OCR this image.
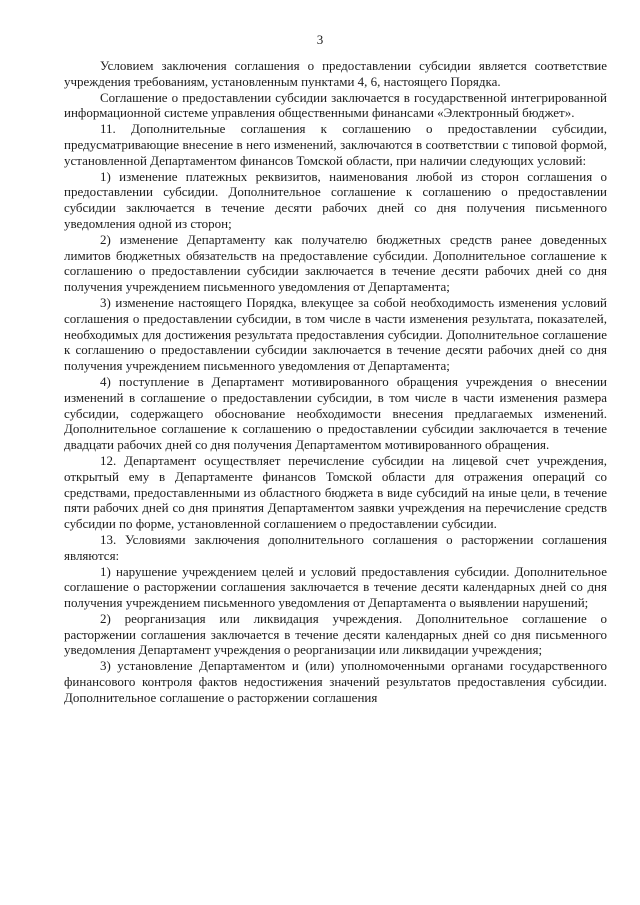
3

Условием заключения соглашения о предоставлении субсидии является соответствие учреждения требованиям, установленным пунктами 4, 6, настоящего Порядка.

Соглашение о предоставлении субсидии заключается в государственной интегрированной информационной системе управления общественными финансами «Электронный бюджет».

11. Дополнительные соглашения к соглашению о предоставлении субсидии, предусматривающие внесение в него изменений, заключаются в соответствии с типовой формой, установленной Департаментом финансов Томской области, при наличии следующих условий:

1) изменение платежных реквизитов, наименования любой из сторон соглашения о предоставлении субсидии. Дополнительное соглашение к соглашению о предоставлении субсидии заключается в течение десяти рабочих дней со дня получения письменного уведомления одной из сторон;

2) изменение Департаменту как получателю бюджетных средств ранее доведенных лимитов бюджетных обязательств на предоставление субсидии. Дополнительное соглашение к соглашению о предоставлении субсидии заключается в течение десяти рабочих дней со дня получения учреждением письменного уведомления от Департамента;

3) изменение настоящего Порядка, влекущее за собой необходимость изменения условий соглашения о предоставлении субсидии, в том числе в части изменения результата, показателей, необходимых для достижения результата предоставления субсидии. Дополнительное соглашение к соглашению о предоставлении субсидии заключается в течение десяти рабочих дней со дня получения учреждением письменного уведомления от Департамента;

4) поступление в Департамент мотивированного обращения учреждения о внесении изменений в соглашение о предоставлении субсидии, в том числе в части изменения размера субсидии, содержащего обоснование необходимости внесения предлагаемых изменений. Дополнительное соглашение к соглашению о предоставлении субсидии заключается в течение двадцати рабочих дней со дня получения Департаментом мотивированного обращения.

12. Департамент осуществляет перечисление субсидии на лицевой счет учреждения, открытый ему в Департаменте финансов Томской области для отражения операций со средствами, предоставленными из областного бюджета в виде субсидий на иные цели, в течение пяти рабочих дней со дня принятия Департаментом заявки учреждения на перечисление средств субсидии по форме, установленной соглашением о предоставлении субсидии.

13. Условиями заключения дополнительного соглашения о расторжении соглашения являются:

1) нарушение учреждением целей и условий предоставления субсидии. Дополнительное соглашение о расторжении соглашения заключается в течение десяти календарных дней со дня получения учреждением письменного уведомления от Департамента о выявлении нарушений;

2) реорганизация или ликвидация учреждения. Дополнительное соглашение о расторжении соглашения заключается в течение десяти календарных дней со дня письменного уведомления Департамент учреждения о реорганизации или ликвидации учреждения;

3) установление Департаментом и (или) уполномоченными органами государственного финансового контроля фактов недостижения значений результатов предоставления субсидии. Дополнительное соглашение о расторжении соглашения
